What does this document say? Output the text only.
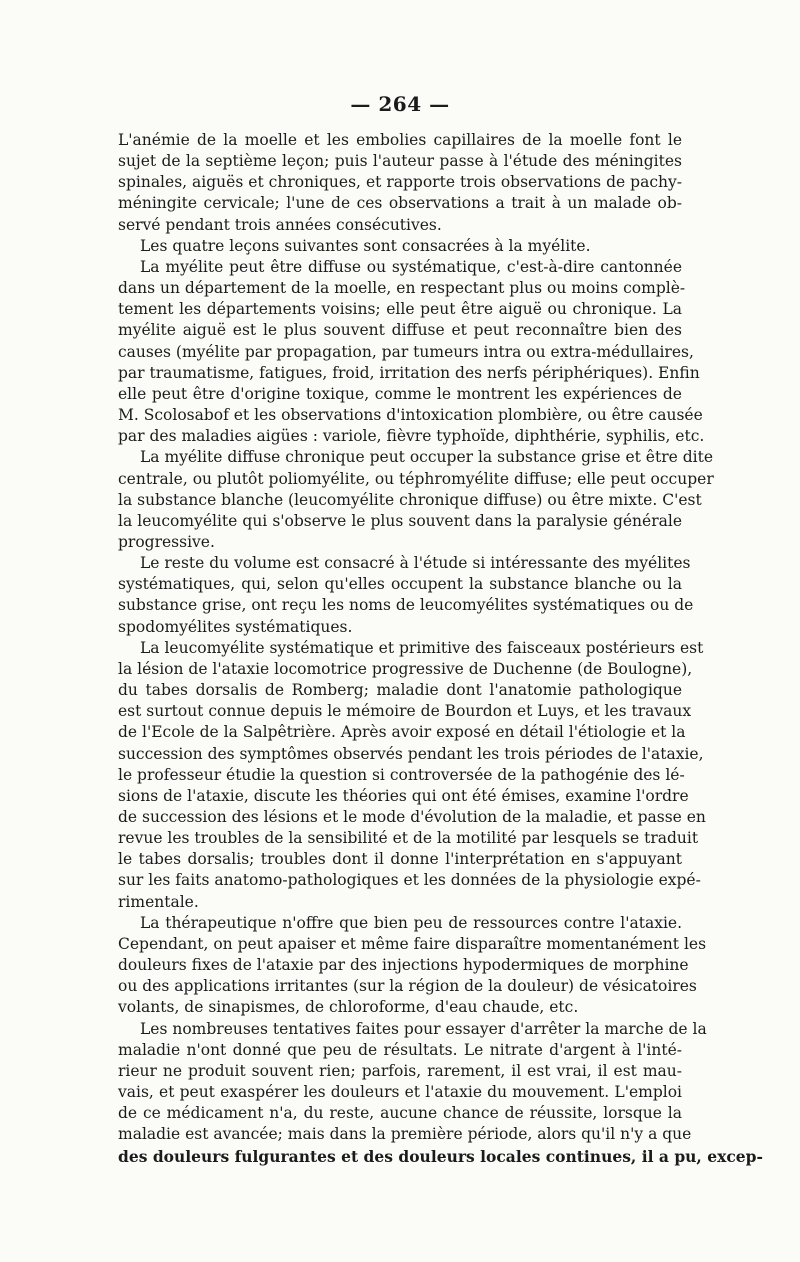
— 264 —
L'anémie de la moelle et les embolies capillaires de la moelle font le
sujet de la septième leçon; puis l'auteur passe à l'étude des méningites
spinales, aiguës et chroniques, et rapporte trois observations de pachy-
méningite cervicale; l'une de ces observations a trait à un malade ob-
servé pendant trois années consécutives.
Les quatre leçons suivantes sont consacrées à la myélite.
La myélite peut être diffuse ou systématique, c'est-à-dire cantonnée
dans un département de la moelle, en respectant plus ou moins complè-
tement les départements voisins; elle peut être aiguë ou chronique. La
myélite aiguë est le plus souvent diffuse et peut reconnaître bien des
causes (myélite par propagation, par tumeurs intra ou extra-médullaires,
par traumatisme, fatigues, froid, irritation des nerfs périphériques). Enfin
elle peut être d'origine toxique, comme le montrent les expériences de
M. Scolosabof et les observations d'intoxication plombière, ou être causée
par des maladies aigües : variole, fièvre typhoïde, diphthérie, syphilis, etc.
La myélite diffuse chronique peut occuper la substance grise et être dite
centrale, ou plutôt poliomyélite, ou téphromyélite diffuse; elle peut occuper
la substance blanche (leucomyélite chronique diffuse) ou être mixte. C'est
la leucomyélite qui s'observe le plus souvent dans la paralysie générale
progressive.
Le reste du volume est consacré à l'étude si intéressante des myélites
systématiques, qui, selon qu'elles occupent la substance blanche ou la
substance grise, ont reçu les noms de leucomyélites systématiques ou de
spodomyélites systématiques.
La leucomyélite systématique et primitive des faisceaux postérieurs est
la lésion de l'ataxie locomotrice progressive de Duchenne (de Boulogne),
du tabes dorsalis de Romberg; maladie dont l'anatomie pathologique
est surtout connue depuis le mémoire de Bourdon et Luys, et les travaux
de l'Ecole de la Salpêtrière. Après avoir exposé en détail l'étiologie et la
succession des symptômes observés pendant les trois périodes de l'ataxie,
le professeur étudie la question si controversée de la pathogénie des lé-
sions de l'ataxie, discute les théories qui ont été émises, examine l'ordre
de succession des lésions et le mode d'évolution de la maladie, et passe en
revue les troubles de la sensibilité et de la motilité par lesquels se traduit
le tabes dorsalis; troubles dont il donne l'interprétation en s'appuyant
sur les faits anatomo-pathologiques et les données de la physiologie expé-
rimentale.
La thérapeutique n'offre que bien peu de ressources contre l'ataxie.
Cependant, on peut apaiser et même faire disparaître momentanément les
douleurs fixes de l'ataxie par des injections hypodermiques de morphine
ou des applications irritantes (sur la région de la douleur) de vésicatoires
volants, de sinapismes, de chloroforme, d'eau chaude, etc.
Les nombreuses tentatives faites pour essayer d'arrêter la marche de la
maladie n'ont donné que peu de résultats. Le nitrate d'argent à l'inté-
rieur ne produit souvent rien; parfois, rarement, il est vrai, il est mau-
vais, et peut exaspérer les douleurs et l'ataxie du mouvement. L'emploi
de ce médicament n'a, du reste, aucune chance de réussite, lorsque la
maladie est avancée; mais dans la première période, alors qu'il n'y a que
des douleurs fulgurantes et des douleurs locales continues, il a pu, excep-
